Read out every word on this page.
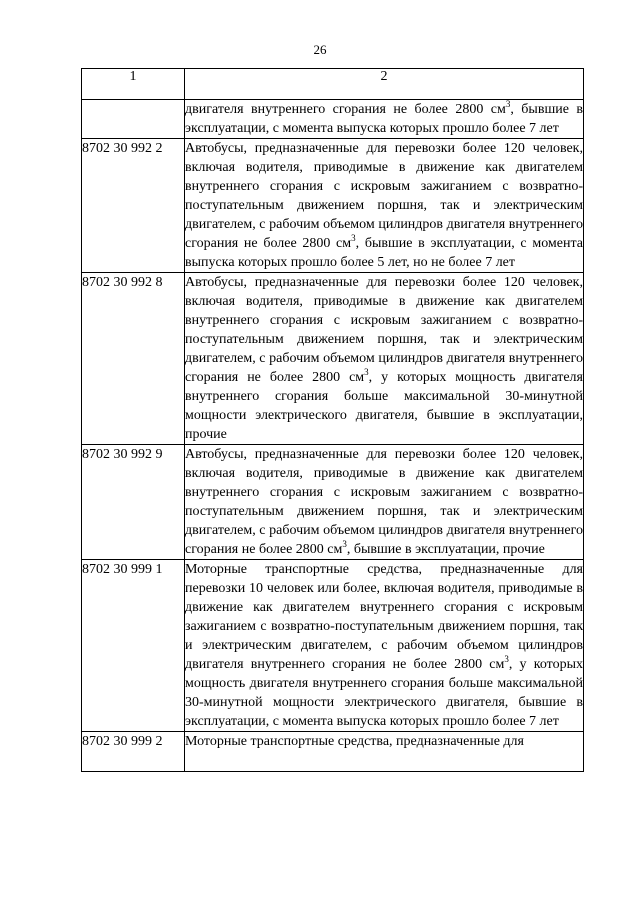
26
1	2
	двигателя внутреннего сгорания не более 2800 $см^3$, бывшие в эксплуатации, с момента выпуска которых прошло более 7 лет
8702 30 992 2	Автобусы, предназначенные для перевозки более 120 человек, включая водителя, приводимые в движение как двигателем внутреннего сгорания с искровым зажиганием с возвратно-поступательным движением поршня, так и электрическим двигателем, с рабочим объемом цилиндров двигателя внутреннего сгорания не более 2800 $см^3$, бывшие в эксплуатации, с момента выпуска которых прошло более 5 лет, но не более 7 лет
8702 30 992 8	Автобусы, предназначенные для перевозки более 120 человек, включая водителя, приводимые в движение как двигателем внутреннего сгорания с искровым зажиганием с возвратно-поступательным движением поршня, так и электрическим двигателем, с рабочим объемом цилиндров двигателя внутреннего сгорания не более 2800 $см^3$, у которых мощность двигателя внутреннего сгорания больше максимальной 30-минутной мощности электрического двигателя, бывшие в эксплуатации, прочие
8702 30 992 9	Автобусы, предназначенные для перевозки более 120 человек, включая водителя, приводимые в движение как двигателем внутреннего сгорания с искровым зажиганием с возвратно-поступательным движением поршня, так и электрическим двигателем, с рабочим объемом цилиндров двигателя внутреннего сгорания не более 2800 $см^3$, бывшие в эксплуатации, прочие
8702 30 999 1	Моторные транспортные средства, предназначенные для перевозки 10 человек или более, включая водителя, приводимые в движение как двигателем внутреннего сгорания с искровым зажиганием с возвратно-поступательным движением поршня, так и электрическим двигателем, с рабочим объемом цилиндров двигателя внутреннего сгорания не более 2800 $см^3$, у которых мощность двигателя внутреннего сгорания больше максимальной 30-минутной мощности электрического двигателя, бывшие в эксплуатации, с момента выпуска которых прошло более 7 лет
8702 30 999 2	Моторные транспортные средства, предназначенные для
